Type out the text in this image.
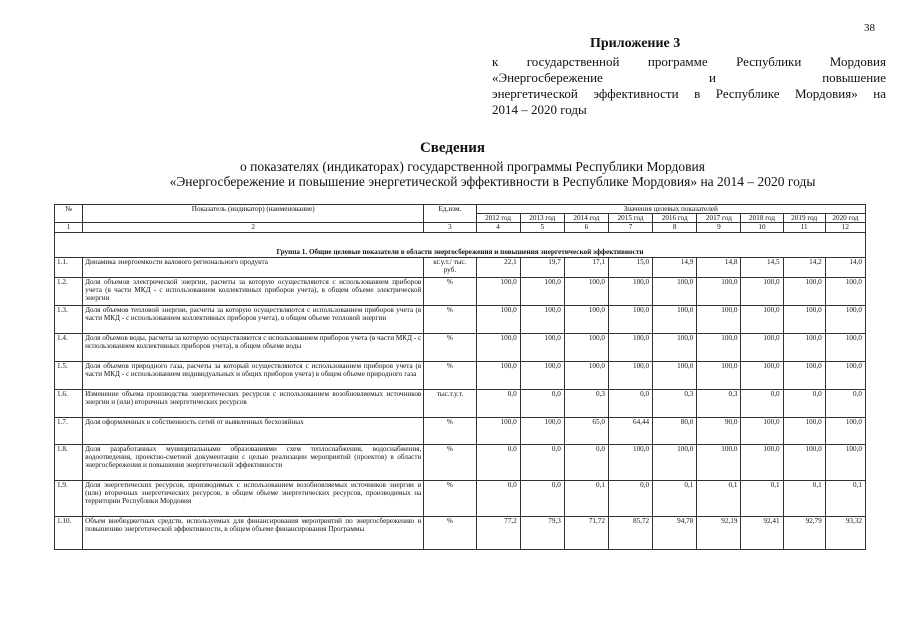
38
Приложение 3
к государственной программе Республики Мордовия
«Энергосбережение и повышение
энергетической эффективности в Республике Мордовия» на
2014 – 2020 годы
Сведения
о показателях (индикаторах) государственной программы Республики Мордовия
«Энергосбережение и повышение энергетической эффективности в Республике Мордовия» на 2014 – 2020 годы
№	Показатель (индикатор) (наименование)	Ед.изм.	Значения целевых показателей								
			2012 год	2013 год	2014 год	2015 год	2016 год	2017 год	2018 год	2019 год	2020 год
1	2	3	4	5	6	7	8	9	10	11	12
Группа 1. Общие целевые показатели в области энергосбережения и повышения энергетической эффективности											
1.1.	Динамика энергоемкости валового регионального продукта	кг.у.т./ тыс. руб.	22,1	19,7	17,1	15,0	14,9	14,8	14,5	14,2	14,0
1.2.	Доля объемов электрической энергии, расчеты за которую осуществляются с использованием приборов учета (в части МКД - с использованием коллективных приборов учета), в общем объеме электрической энергии	%	100,0	100,0	100,0	100,0	100,0	100,0	100,0	100,0	100,0
1.3.	Доля объемов тепловой энергии, расчеты за которую осуществляются с использованием приборов учета (в части МКД - с использованием коллективных приборов учета), в общем объеме тепловой энергии	%	100,0	100,0	100,0	100,0	100,0	100,0	100,0	100,0	100,0
1.4.	Доля объемов воды, расчеты за которую осуществляются с использованием приборов учета (в части МКД - с использованием коллективных приборов учета), в общем объеме воды	%	100,0	100,0	100,0	100,0	100,0	100,0	100,0	100,0	100,0
1.5.	Доля объемов природного газа, расчеты за который осуществляются с использованием приборов учета (в части МКД - с использованием индивидуальных и общих приборов учета) в общем объеме природного газа	%	100,0	100,0	100,0	100,0	100,0	100,0	100,0	100,0	100,0
1.6.	Изменение объема производства энергетических ресурсов с использованием возобновляемых источников энергии и (или) вторичных энергетических ресурсов	тыс.т.у.т.	0,0	0,0	0,3	0,0	0,3	0,3	0,0	0,0	0,0
1.7.	Доля оформленных в собственность сетей от выявленных бесхозяйных	%	100,0	100,0	65,0	64,44	80,0	90,0	100,0	100,0	100,0
1.8.	Доля разработанных муниципальными образованиями схем теплоснабжения, водоснабжения, водоотведения, проектно-сметной документации с целью реализации мероприятий (проектов) в области энергосбережения и повышения энергетической эффективности	%	0,0	0,0	0,0	100,0	100,0	100,0	100,0	100,0	100,0
1.9.	Доля энергетических ресурсов, производимых с использованием возобновляемых источников энергии и (или) вторичных энергетических ресурсов, в общем объеме энергетических ресурсов, производимых на территории Республики Мордовия	%	0,0	0,0	0,1	0,0	0,1	0,1	0,1	0,1	0,1
1.10.	Объем внебюджетных средств, используемых для финансирования мероприятий по энергосбережению и повышению энергетической эффективности, в общем объеме финансирования Программы	%	77,2	79,3	71,72	85,72	94,78	92,19	92,41	92,79	93,32
